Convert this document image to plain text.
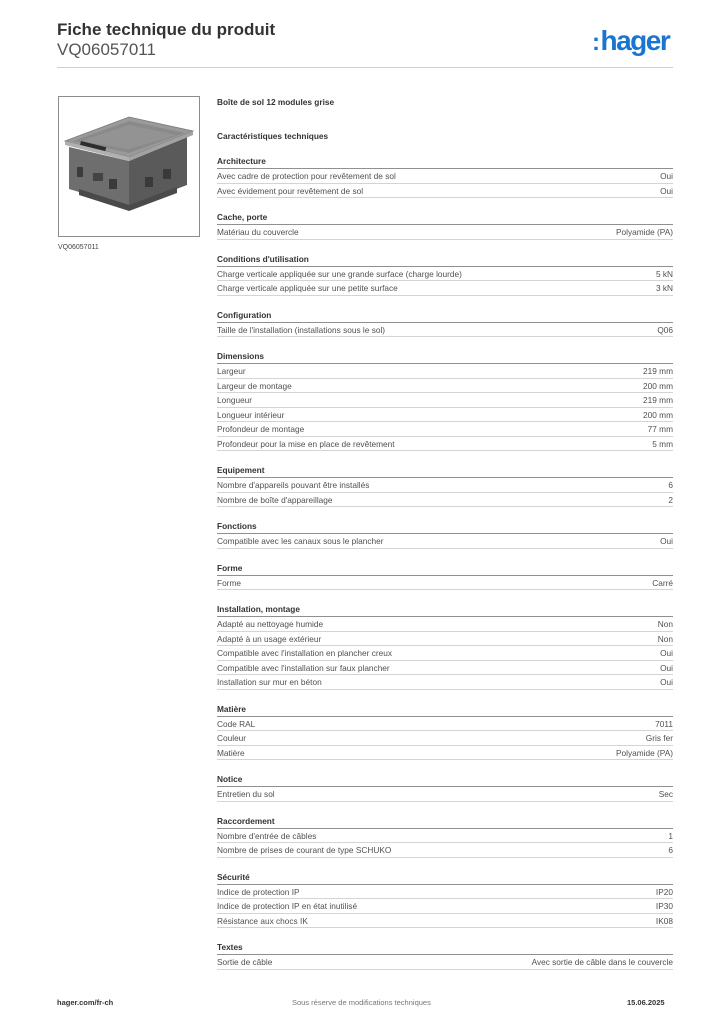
Fiche technique du produit
VQ06057011	:hager
VQ06057011
Boîte de sol 12 modules grise
Caractéristiques techniques
Architecture
Avec cadre de protection pour revêtement de sol	Oui
Avec évidement pour revêtement de sol	Oui
Cache, porte
Matériau du couvercle	Polyamide (PA)
Conditions d'utilisation
Charge verticale appliquée sur une grande surface (charge lourde)	5 kN
Charge verticale appliquée sur une petite surface	3 kN
Configuration
Taille de l'installation (installations sous le sol)	Q06
Dimensions
Largeur	219 mm
Largeur de montage	200 mm
Longueur	219 mm
Longueur intérieur	200 mm
Profondeur de montage	77 mm
Profondeur pour la mise en place de revêtement	5 mm
Equipement
Nombre d'appareils pouvant être installés	6
Nombre de boîte d'appareillage	2
Fonctions
Compatible avec les canaux sous le plancher	Oui
Forme
Forme	Carré
Installation, montage
Adapté au nettoyage humide	Non
Adapté à un usage extérieur	Non
Compatible avec l'installation en plancher creux	Oui
Compatible avec l'installation sur faux plancher	Oui
Installation sur mur en béton	Oui
Matière
Code RAL	7011
Couleur	Gris fer
Matière	Polyamide (PA)
Notice
Entretien du sol	Sec
Raccordement
Nombre d'entrée de câbles	1
Nombre de prises de courant de type SCHUKO	6
Sécurité
Indice de protection IP	IP20
Indice de protection IP en état inutilisé	IP30
Résistance aux chocs IK	IK08
Textes
Sortie de câble	Avec sortie de câble dans le couvercle
hager.com/fr-ch	Sous réserve de modifications techniques	15.06.2025
